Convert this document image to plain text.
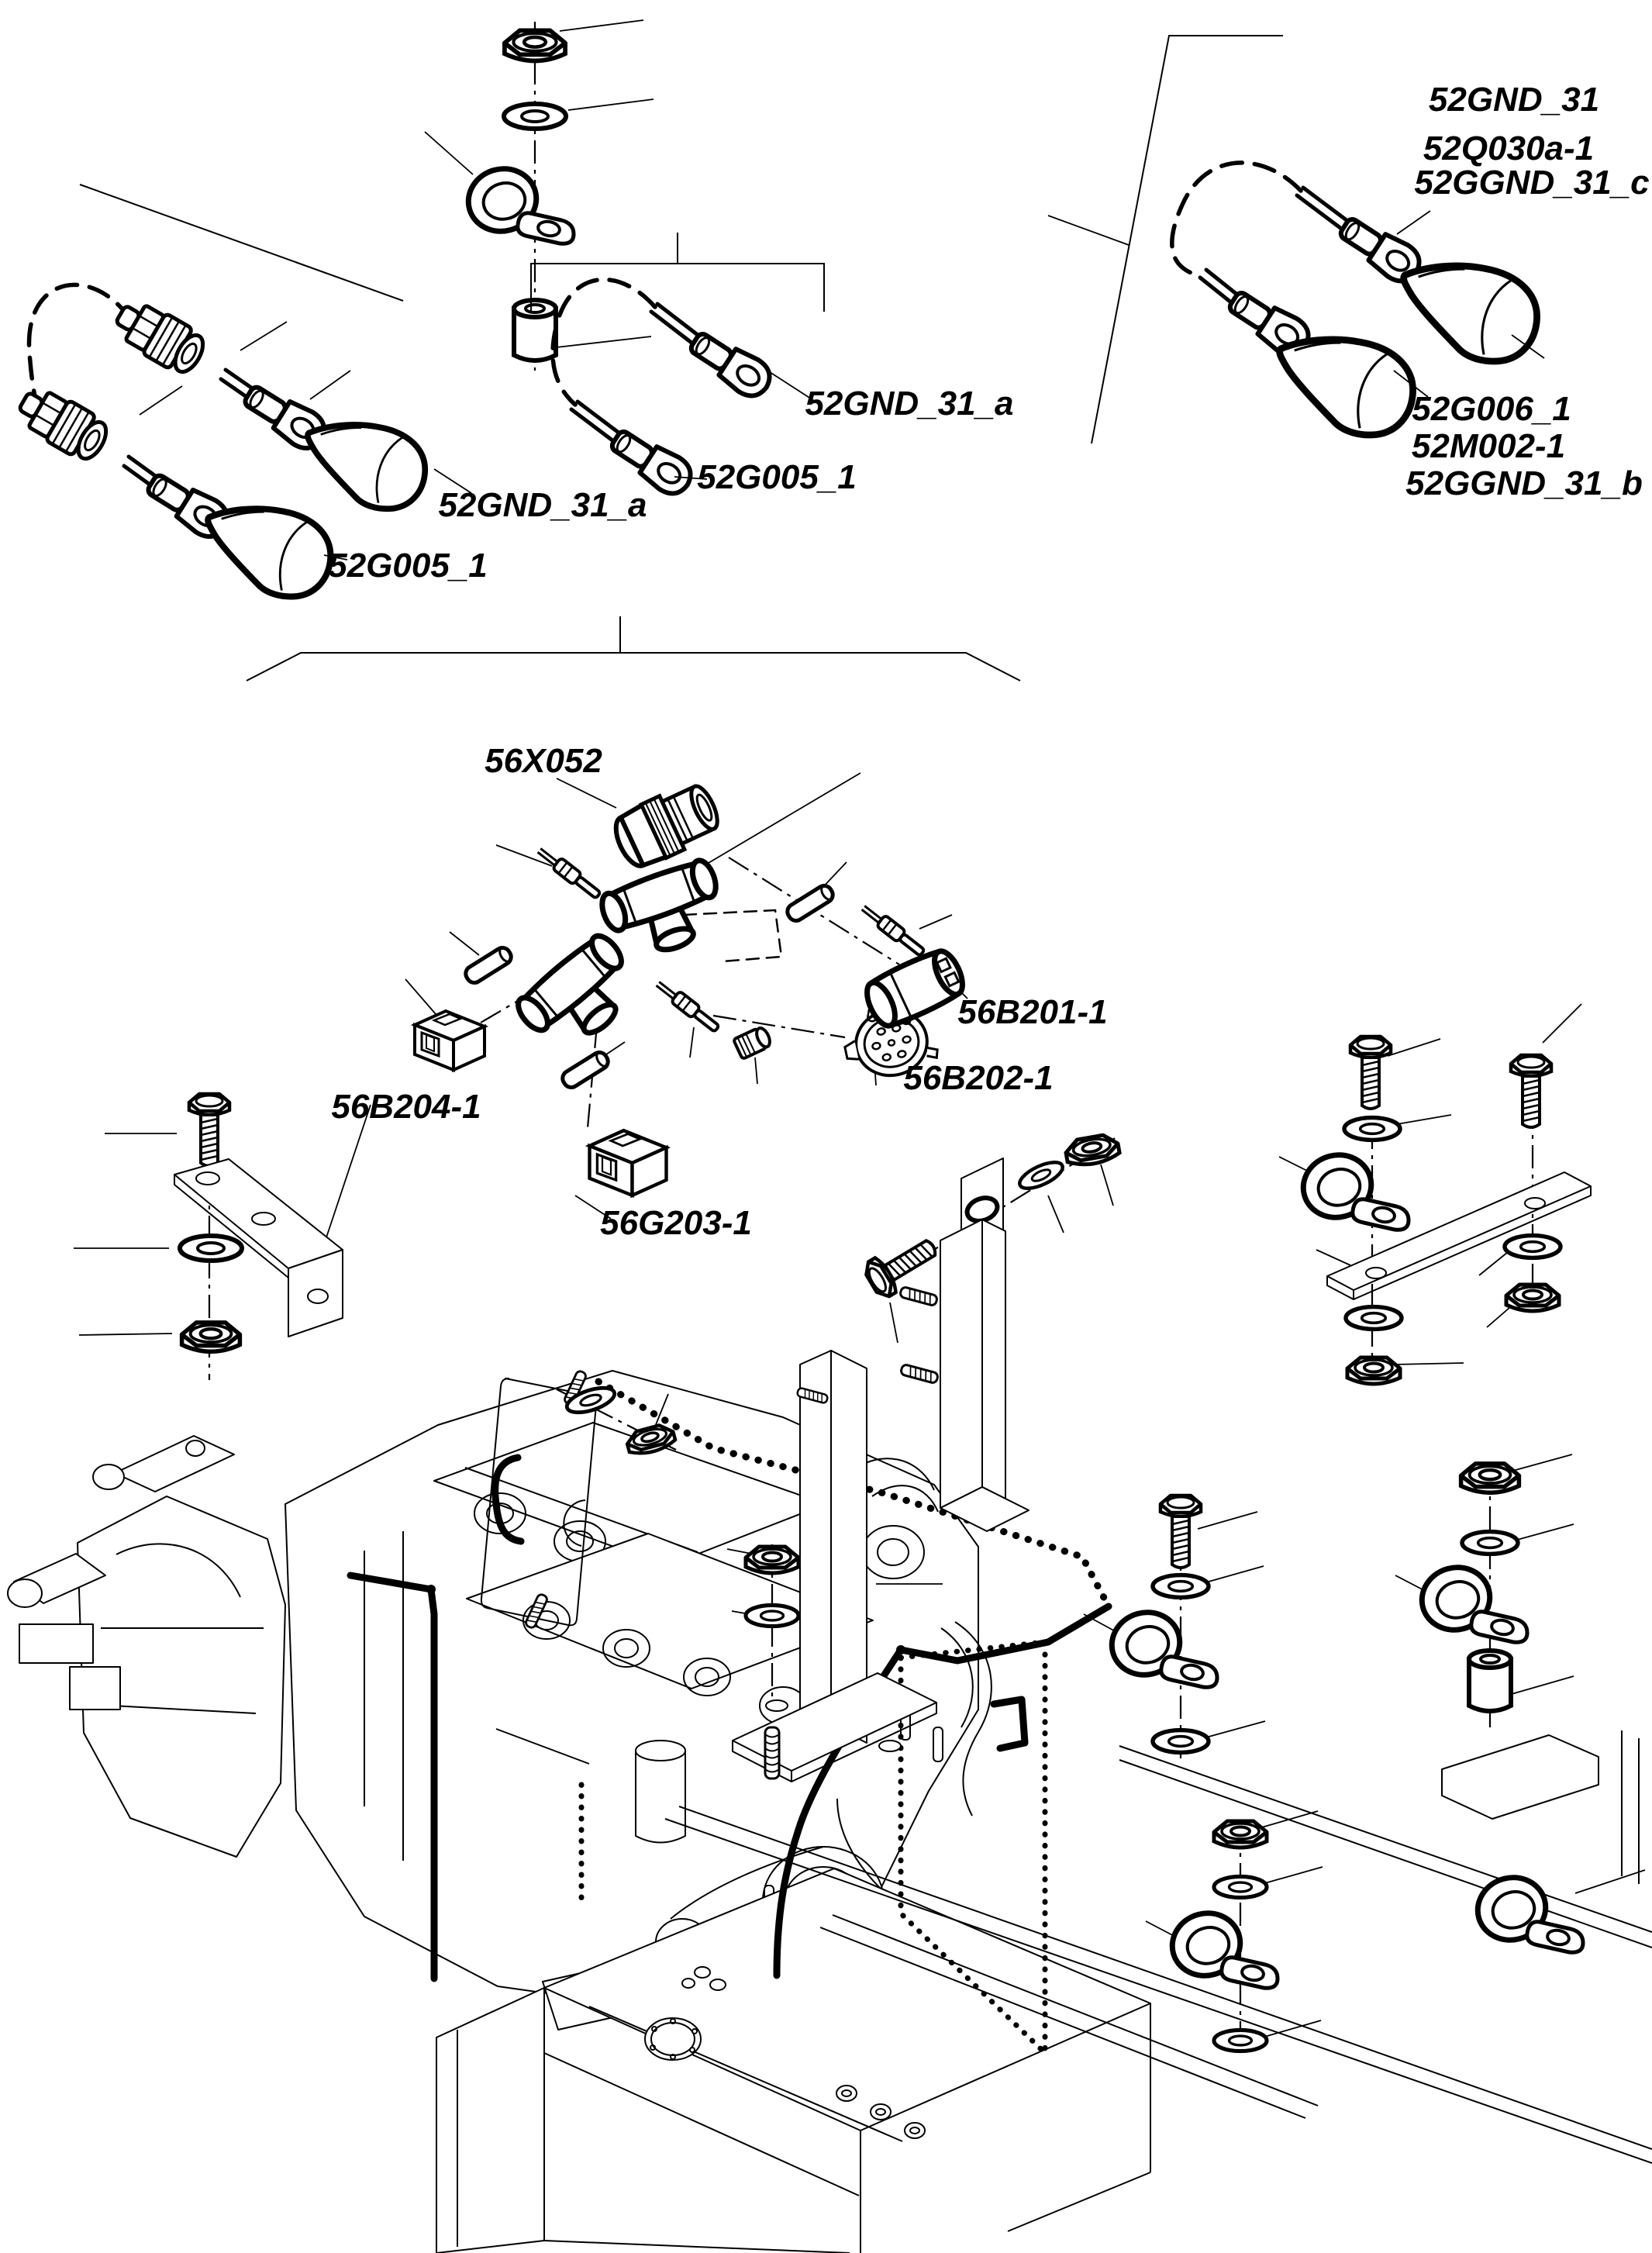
52GND_31
52Q030a-1
52GGND_31_c
52G006_1
52M002-1
52GGND_31_b
52GND_31_a
52G005_1
52GND_31_a
52G005_1
56X052
56B201-1
56B202-1
56B204-1
56G203-1
